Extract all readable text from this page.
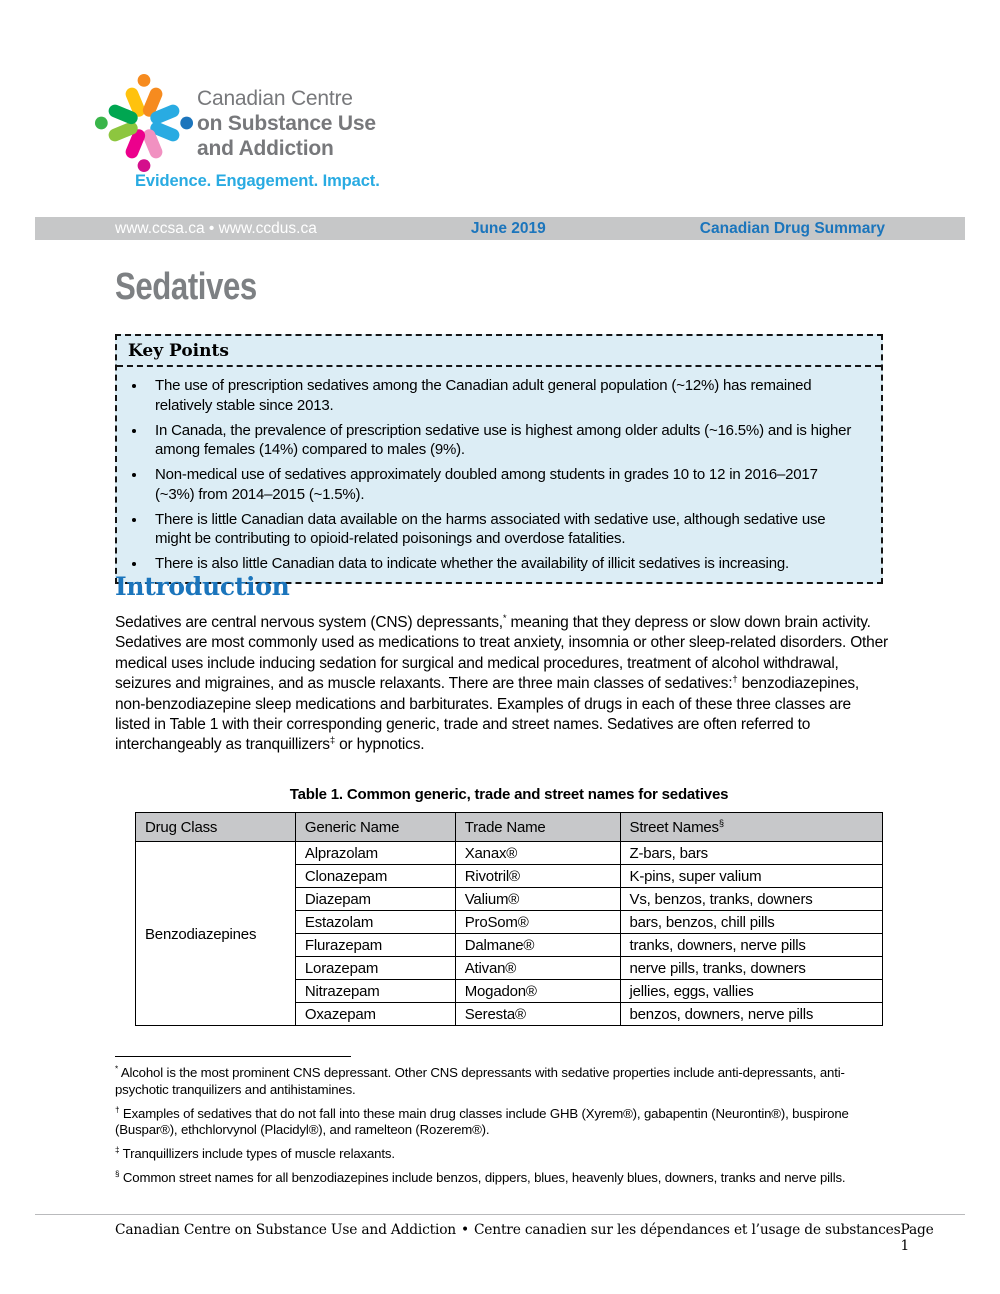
Canadian Centre
on Substance Use
and Addiction
Evidence. Engagement. Impact.
www.ccsa.ca • www.ccdus.ca	June 2019	Canadian Drug Summary
Sedatives
Key Points
• The use of prescription sedatives among the Canadian adult general population (~12%) has remained relatively stable since 2013.
• In Canada, the prevalence of prescription sedative use is highest among older adults (~16.5%) and is higher among females (14%) compared to males (9%).
• Non-medical use of sedatives approximately doubled among students in grades 10 to 12 in 2016–2017 (~3%) from 2014–2015 (~1.5%).
• There is little Canadian data available on the harms associated with sedative use, although sedative use might be contributing to opioid-related poisonings and overdose fatalities.
• There is also little Canadian data to indicate whether the availability of illicit sedatives is increasing.
Introduction

Sedatives are central nervous system (CNS) depressants,* meaning that they depress or slow down brain activity. Sedatives are most commonly used as medications to treat anxiety, insomnia or other sleep-related disorders. Other medical uses include inducing sedation for surgical and medical procedures, treatment of alcohol withdrawal, seizures and migraines, and as muscle relaxants. There are three main classes of sedatives:† benzodiazepines, non-benzodiazepine sleep medications and barbiturates. Examples of drugs in each of these three classes are listed in Table 1 with their corresponding generic, trade and street names. Sedatives are often referred to interchangeably as tranquillizers‡ or hypnotics.

Table 1. Common generic, trade and street names for sedatives
Drug Class	Generic Name	Trade Name	Street Names§
Benzodiazepines	Alprazolam	Xanax®	Z-bars, bars
	Clonazepam	Rivotril®	K-pins, super valium
	Diazepam	Valium®	Vs, benzos, tranks, downers
	Estazolam	ProSom®	bars, benzos, chill pills
	Flurazepam	Dalmane®	tranks, downers, nerve pills
	Lorazepam	Ativan®	nerve pills, tranks, downers
	Nitrazepam	Mogadon®	jellies, eggs, vallies
	Oxazepam	Seresta®	benzos, downers, nerve pills

* Alcohol is the most prominent CNS depressant. Other CNS depressants with sedative properties include anti-depressants, anti-psychotic tranquilizers and antihistamines.

† Examples of sedatives that do not fall into these main drug classes include GHB (Xyrem®), gabapentin (Neurontin®), buspirone (Buspar®), ethchlorvynol (Placidyl®), and ramelteon (Rozerem®).

‡ Tranquillizers include types of muscle relaxants.

§ Common street names for all benzodiazepines include benzos, dippers, blues, heavenly blues, downers, tranks and nerve pills.

Canadian Centre on Substance Use and Addiction • Centre canadien sur les dépendances et l’usage de substances Page 1
